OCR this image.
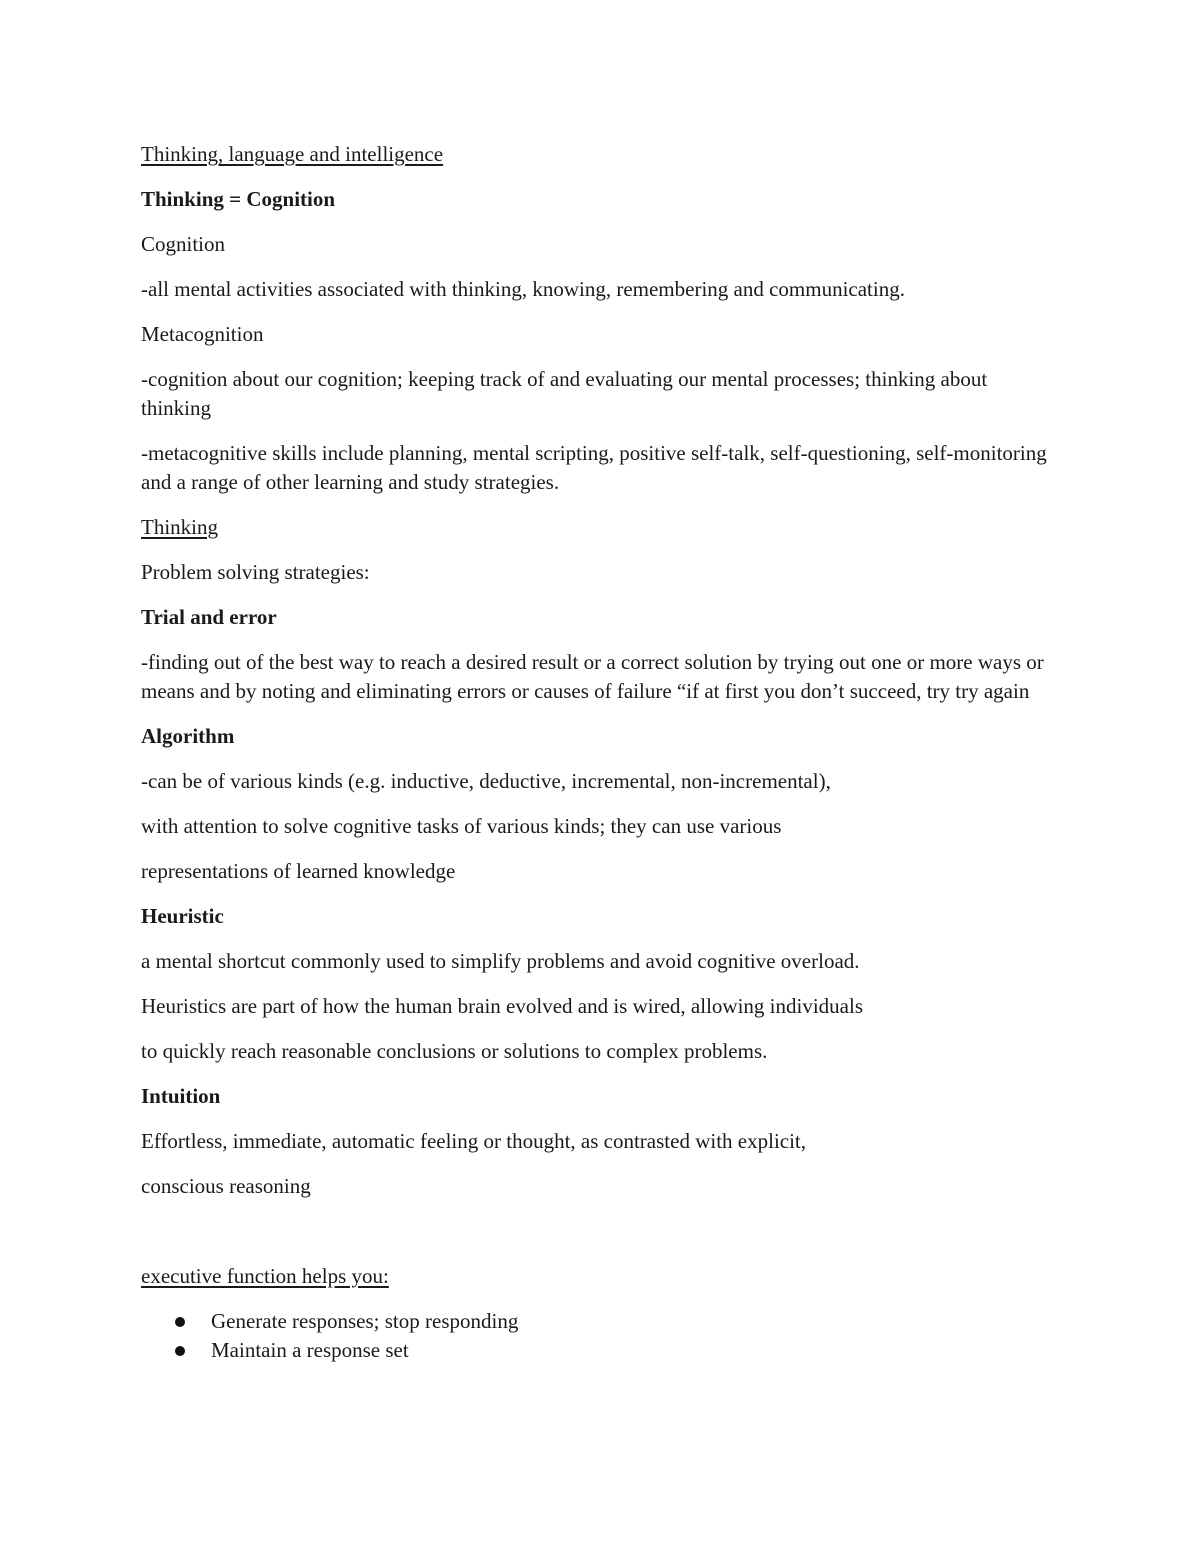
Thinking, language and intelligence

Thinking = Cognition

Cognition

-all mental activities associated with thinking, knowing, remembering and communicating.

Metacognition

-cognition about our cognition; keeping track of and evaluating our mental processes; thinking about thinking

-metacognitive skills include planning, mental scripting, positive self-talk, self-questioning, self-monitoring and a range of other learning and study strategies.

Thinking

Problem solving strategies:

Trial and error

-finding out of the best way to reach a desired result or a correct solution by trying out one or more ways or means and by noting and eliminating errors or causes of failure “if at first you don’t succeed, try try again

Algorithm

-can be of various kinds (e.g. inductive, deductive, incremental, non-incremental),

with attention to solve cognitive tasks of various kinds; they can use various

representations of learned knowledge

Heuristic

a mental shortcut commonly used to simplify problems and avoid cognitive overload.

Heuristics are part of how the human brain evolved and is wired, allowing individuals

to quickly reach reasonable conclusions or solutions to complex problems.

Intuition

Effortless, immediate, automatic feeling or thought, as contrasted with explicit,

conscious reasoning

executive function helps you:

Generate responses; stop responding
Maintain a response set
